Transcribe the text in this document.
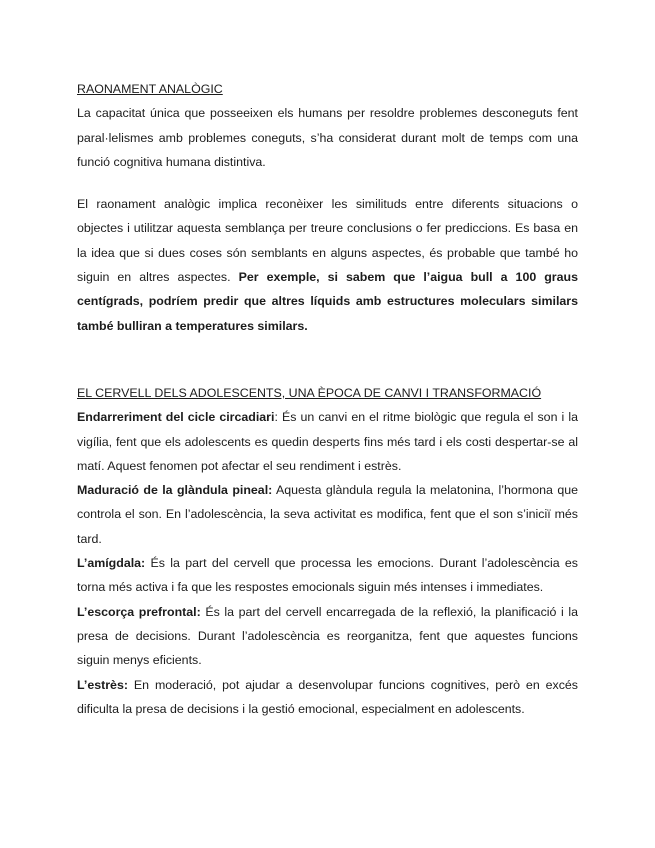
RAONAMENT ANALÒGIC

La capacitat única que posseeixen els humans per resoldre problemes desconeguts fent paral·lelismes amb problemes coneguts, s’ha considerat durant molt de temps com una funció cognitiva humana distintiva.

El raonament analògic implica reconèixer les similituds entre diferents situacions o objectes i utilitzar aquesta semblança per treure conclusions o fer prediccions. Es basa en la idea que si dues coses són semblants en alguns aspectes, és probable que també ho siguin en altres aspectes. Per exemple, si sabem que l’aigua bull a 100 graus centígrads, podríem predir que altres líquids amb estructures moleculars similars també bulliran a temperatures similars.

EL CERVELL DELS ADOLESCENTS, UNA ÈPOCA DE CANVI I TRANSFORMACIÓ

Endarreriment del cicle circadiari: És un canvi en el ritme biològic que regula el son i la vigília, fent que els adolescents es quedin desperts fins més tard i els costi despertar-se al matí. Aquest fenomen pot afectar el seu rendiment i estrès.

Maduració de la glàndula pineal: Aquesta glàndula regula la melatonina, l’hormona que controla el son. En l’adolescència, la seva activitat es modifica, fent que el son s’iniciï més tard.

L’amígdala: És la part del cervell que processa les emocions. Durant l’adolescència es torna més activa i fa que les respostes emocionals siguin més intenses i immediates.

L’escorça prefrontal: És la part del cervell encarregada de la reflexió, la planificació i la presa de decisions. Durant l’adolescència es reorganitza, fent que aquestes funcions siguin menys eficients.

L’estrès: En moderació, pot ajudar a desenvolupar funcions cognitives, però en excés dificulta la presa de decisions i la gestió emocional, especialment en adolescents.
